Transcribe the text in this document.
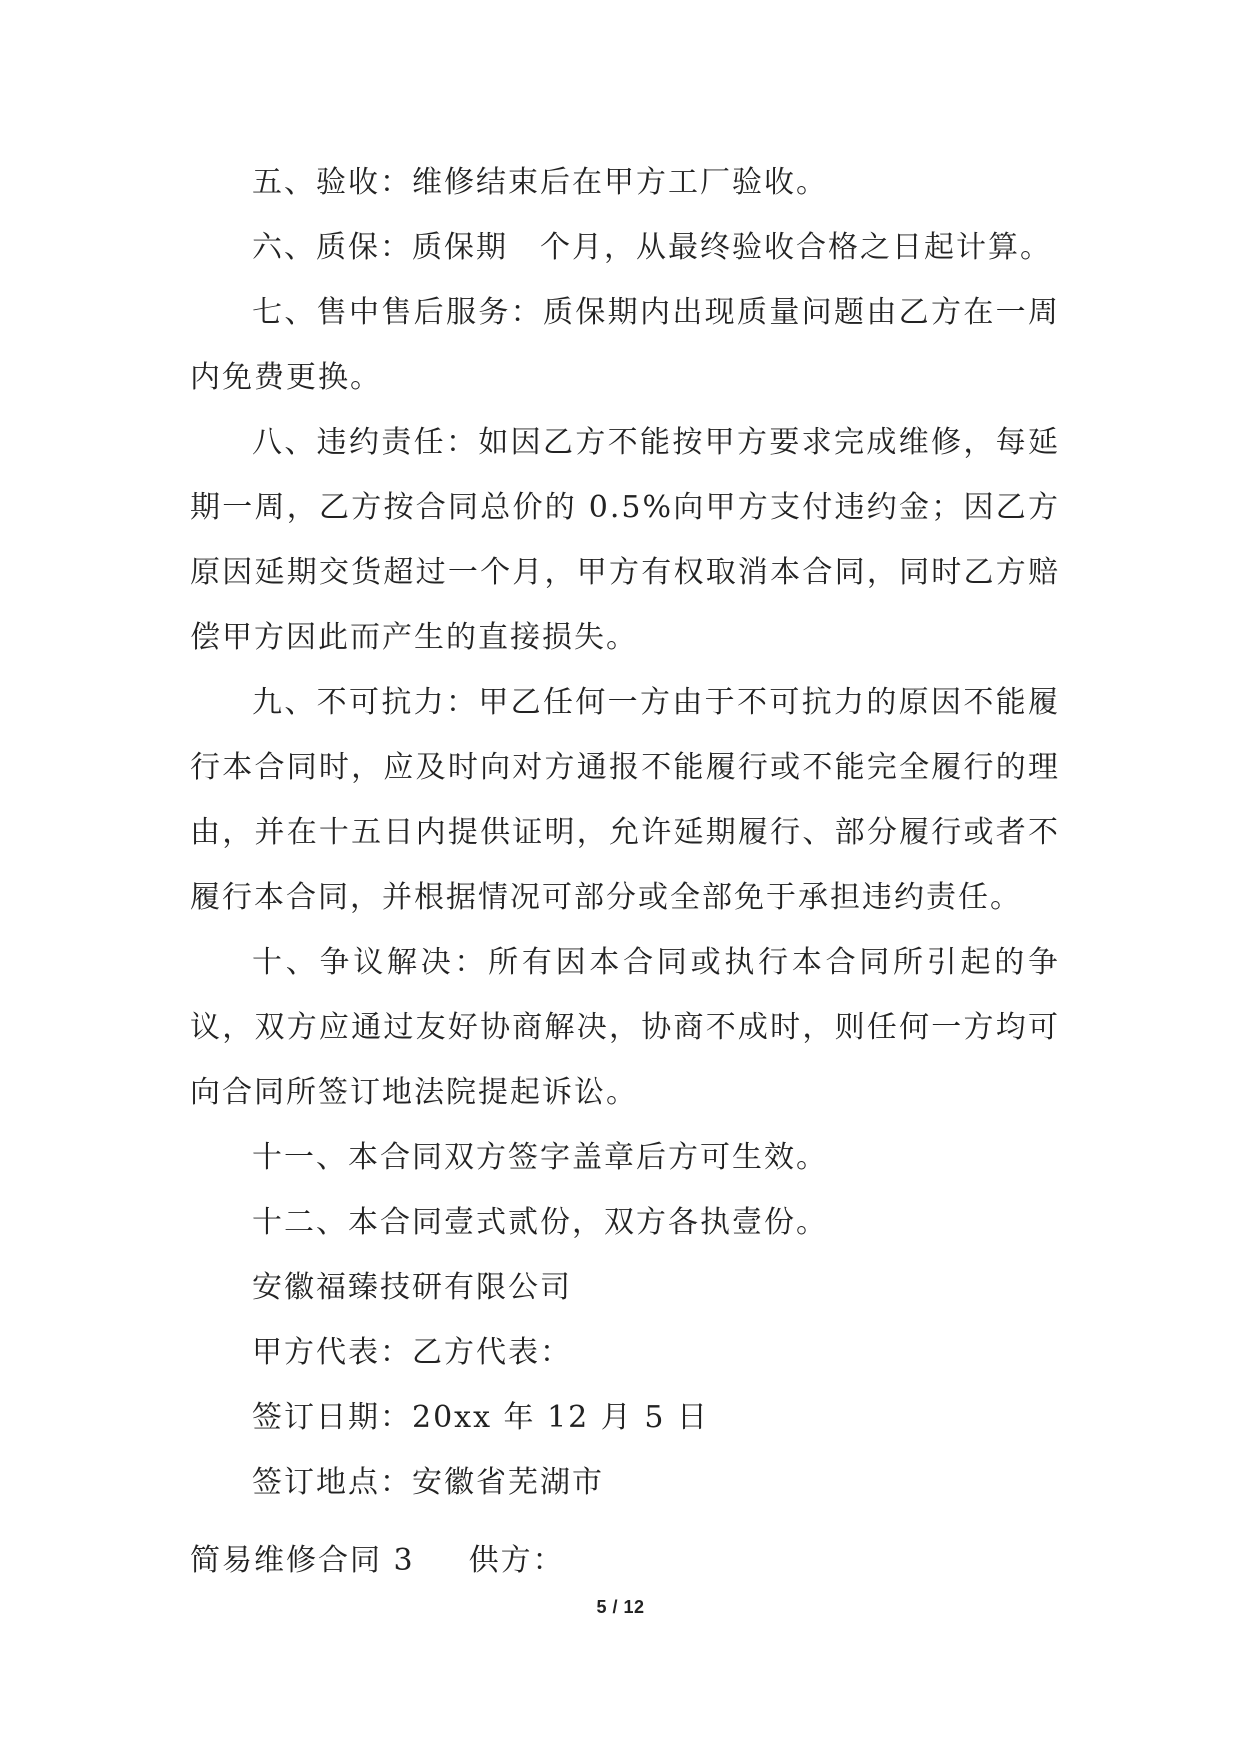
五、验收：维修结束后在甲方工厂验收。

六、质保：质保期　个月，从最终验收合格之日起计算。

七、售中售后服务：质保期内出现质量问题由乙方在一周内免费更换。

八、违约责任：如因乙方不能按甲方要求完成维修，每延期一周，乙方按合同总价的 0.5%向甲方支付违约金；因乙方原因延期交货超过一个月，甲方有权取消本合同，同时乙方赔偿甲方因此而产生的直接损失。

九、不可抗力：甲乙任何一方由于不可抗力的原因不能履行本合同时，应及时向对方通报不能履行或不能完全履行的理由，并在十五日内提供证明，允许延期履行、部分履行或者不履行本合同，并根据情况可部分或全部免于承担违约责任。

十、争议解决：所有因本合同或执行本合同所引起的争议，双方应通过友好协商解决，协商不成时，则任何一方均可向合同所签订地法院提起诉讼。

十一、本合同双方签字盖章后方可生效。

十二、本合同壹式贰份，双方各执壹份。

安徽福臻技研有限公司

甲方代表：乙方代表：

签订日期：20xx 年 12 月 5 日

签订地点：安徽省芜湖市

简易维修合同 3 供方：
5 / 12
